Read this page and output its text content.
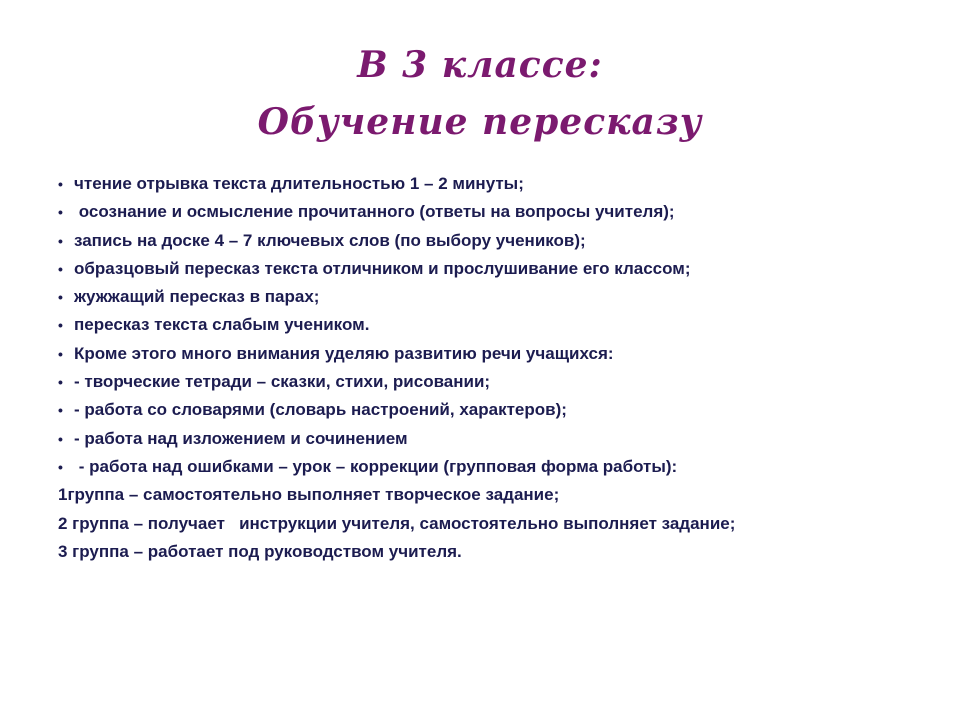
В 3 классе:
Обучение пересказу
• чтение отрывка текста длительностью 1 – 2 минуты;
• осознание и осмысление прочитанного (ответы на вопросы учителя);
• запись на доске 4 – 7 ключевых слов (по выбору учеников);
• образцовый пересказ текста отличником и прослушивание его классом;
• жужжащий пересказ в парах;
• пересказ текста слабым учеником.
• Кроме этого много внимания уделяю развитию речи учащихся:
• - творческие тетради – сказки, стихи, рисовании;
• - работа со словарями (словарь настроений, характеров);
• - работа над изложением и сочинением
• - работа над ошибками – урок – коррекции (групповая форма работы):
1группа – самостоятельно выполняет творческое задание;
2 группа – получает   инструкции учителя, самостоятельно выполняет задание;
3 группа – работает под руководством учителя.
